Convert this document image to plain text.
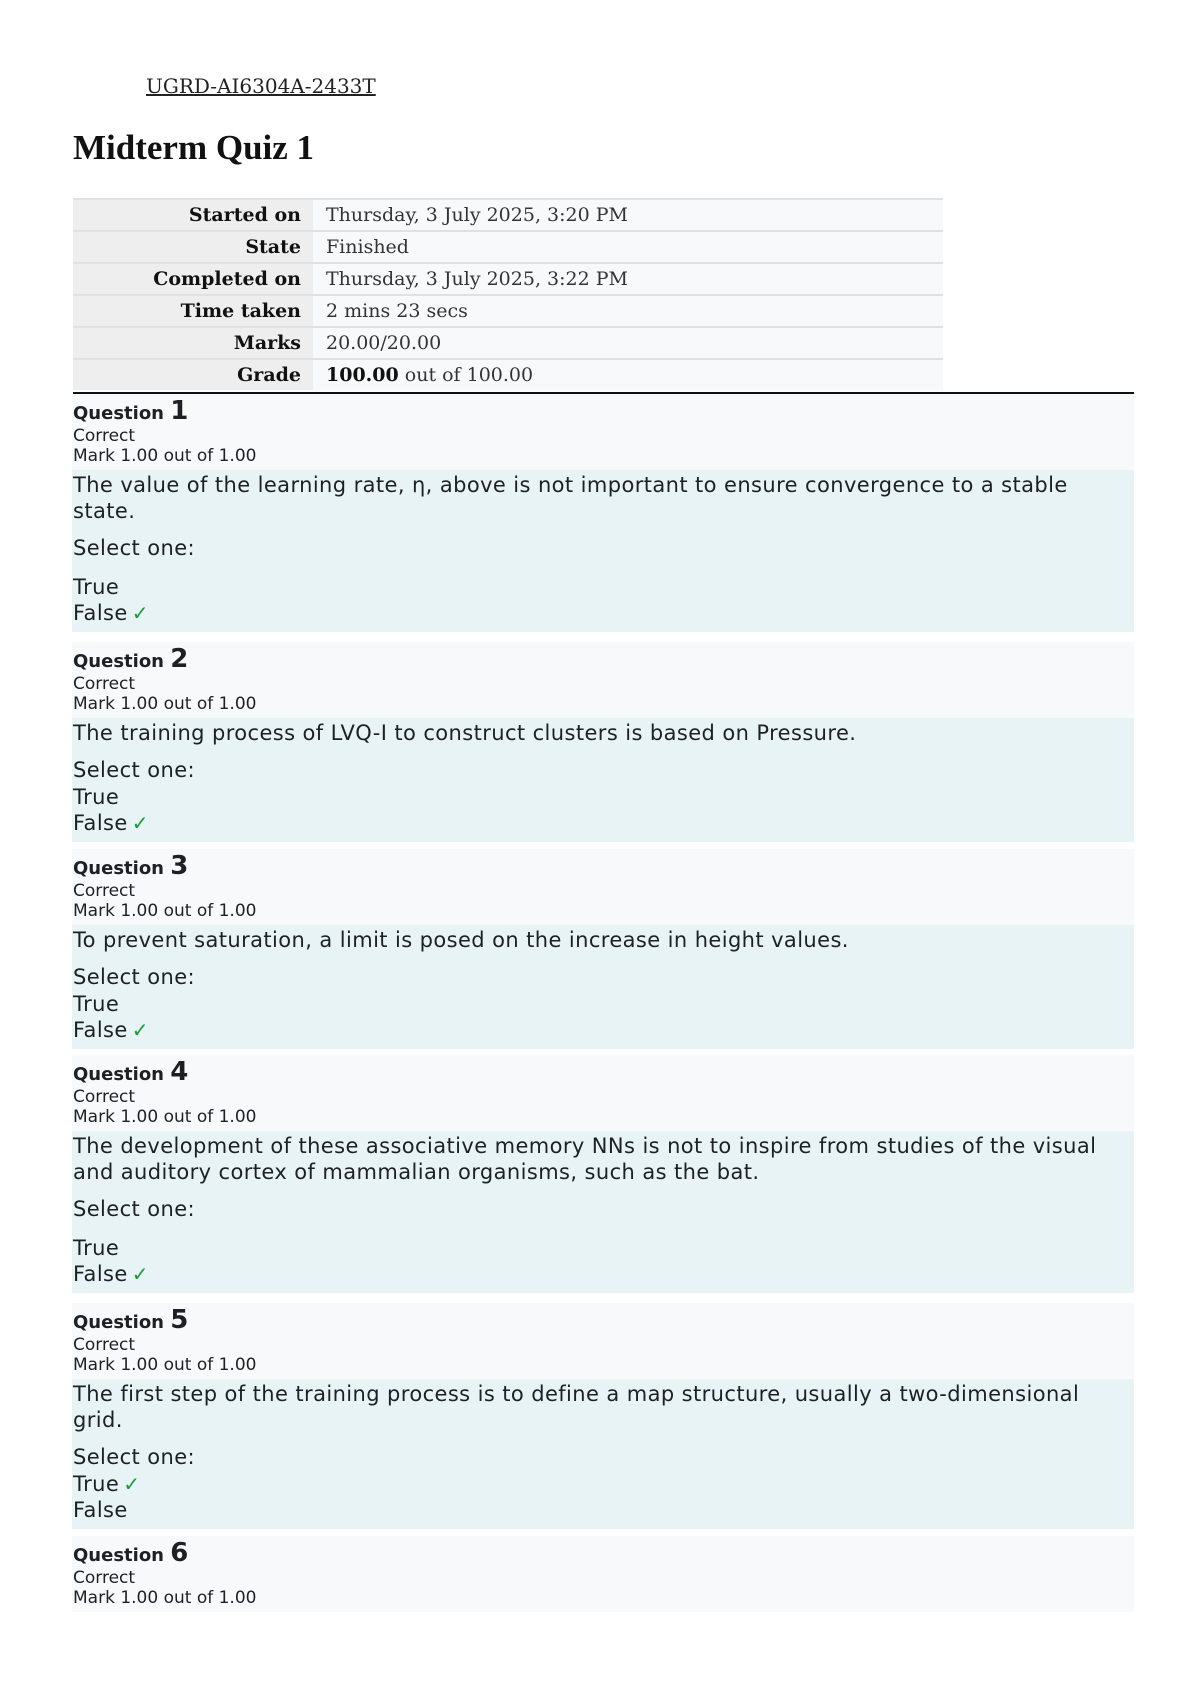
UGRD-AI6304A-2433T
Midterm Quiz 1
Started on	Thursday, 3 July 2025, 3:20 PM
State	Finished
Completed on	Thursday, 3 July 2025, 3:22 PM
Time taken	2 mins 23 secs
Marks	20.00/20.00
Grade	100.00 out of 100.00
Question 1
Correct
Mark 1.00 out of 1.00

The value of the learning rate, η, above is not important to ensure convergence to a stable state.

Select one:

True
False ✓
Question 2
Correct
Mark 1.00 out of 1.00

The training process of LVQ-I to construct clusters is based on Pressure.

Select one:

True
False ✓
Question 3
Correct
Mark 1.00 out of 1.00

To prevent saturation, a limit is posed on the increase in height values.

Select one:

True
False ✓
Question 4
Correct
Mark 1.00 out of 1.00

The development of these associative memory NNs is not to inspire from studies of the visual and auditory cortex of mammalian organisms, such as the bat.

Select one:

True
False ✓
Question 5
Correct
Mark 1.00 out of 1.00

The first step of the training process is to define a map structure, usually a two-dimensional grid.

Select one:

True ✓
False
Question 6
Correct
Mark 1.00 out of 1.00
